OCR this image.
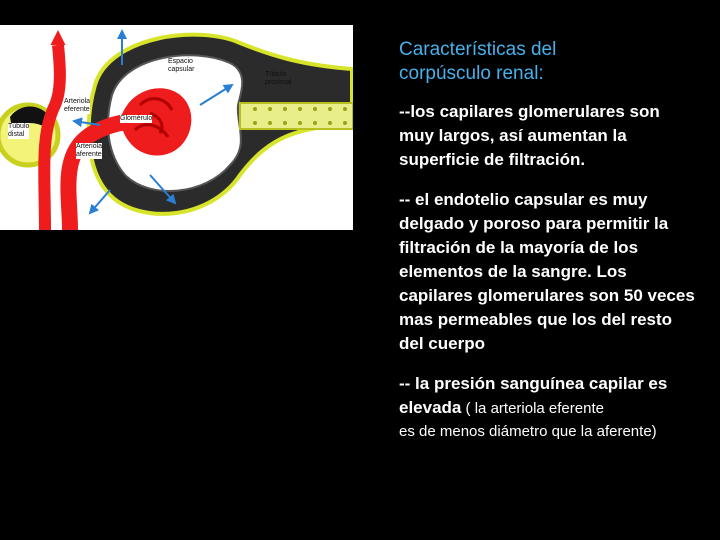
Espacio
capsular
Túbulo
proximal
Arteriola
eferente
Túbulo
distal
Glomérulo
Arteriola
aferente
Características del
corpúsculo renal:
--los capilares glomerulares son muy largos, así aumentan la superficie de filtración.
-- el endotelio capsular es muy delgado y poroso para permitir la filtración de la mayoría de los elementos de la sangre. Los capilares glomerulares son 50 veces mas permeables que los del resto del cuerpo
-- la presión sanguínea capilar es elevada ( la arteriola eferente
es de menos diámetro que la aferente)
